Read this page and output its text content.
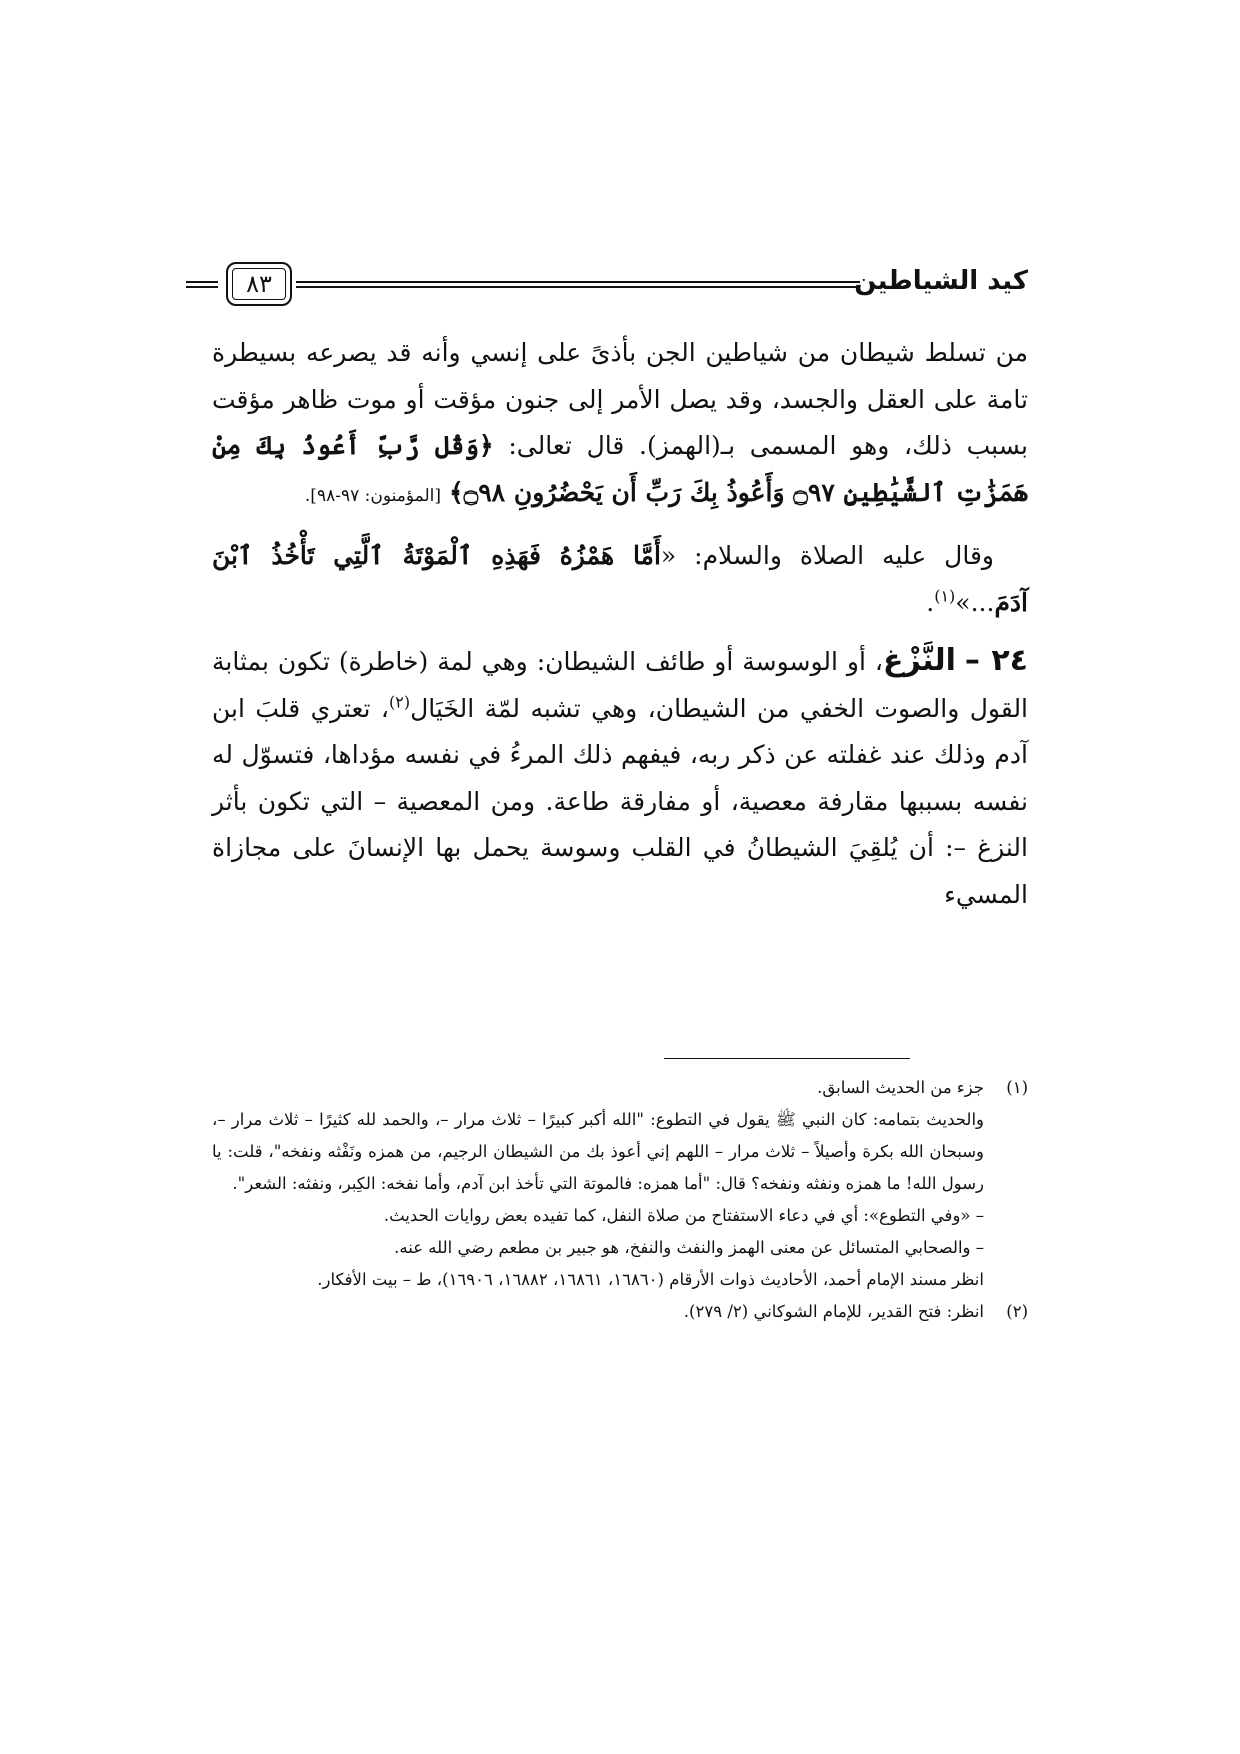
كيد الشياطين
٨٣

من تسلط شيطان من شياطين الجن بأذىً على إنسي وأنه قد يصرعه بسيطرة تامة على العقل والجسد، وقد يصل الأمر إلى جنون مؤقت أو موت ظاهر مؤقت بسبب ذلك، وهو المسمى بـ(الهمز). قال تعالى: ﴿وَقُل رَّبِّ أَعُوذُ بِكَ مِنْ هَمَزَٰتِ ٱلشَّيَٰطِينِ ۝٩٧ وَأَعُوذُ بِكَ رَبِّ أَن يَحْضُرُونِ ۝٩٨﴾ [المؤمنون: ٩٧-٩٨].

وقال عليه الصلاة والسلام: «أَمَّا هَمْزُهُ فَهَذِهِ ٱلْمَوْتَةُ ٱلَّتِي تَأْخُذُ ٱبْنَ آدَمَ...»$^{(١)}$.

٢٤ – النَّزْغ، أو الوسوسة أو طائف الشيطان: وهي لمة (خاطرة) تكون بمثابة القول والصوت الخفي من الشيطان، وهي تشبه لمّة الخَيَال$^{(٢)}$، تعتري قلبَ ابن آدم وذلك عند غفلته عن ذكر ربه، فيفهم ذلك المرءُ في نفسه مؤداها، فتسوّل له نفسه بسببها مقارفة معصية، أو مفارقة طاعة. ومن المعصية – التي تكون بأثر النزغ –: أن يُلقِيَ الشيطانُ في القلب وسوسة يحمل بها الإنسانَ على مجازاة المسيء

(١)جزء من الحديث السابق.

والحديث بتمامه: كان النبي ﷺ يقول في التطوع: "الله أكبر كبيرًا – ثلاث مرار –، والحمد لله كثيرًا – ثلاث مرار –، وسبحان الله بكرة وأصيلاً – ثلاث مرار – اللهم إني أعوذ بك من الشيطان الرجيم، من همزه ونَفْثه ونفخه"، قلت: يا رسول الله! ما همزه ونفثه ونفخه؟ قال: "أما همزه: فالموتة التي تأخذ ابن آدم، وأما نفخه: الكِبر، ونفثه: الشعر".

– «وفي التطوع»: أي في دعاء الاستفتاح من صلاة النفل، كما تفيده بعض روايات الحديث.

– والصحابي المتسائل عن معنى الهمز والنفث والنفخ، هو جبير بن مطعم رضي الله عنه.

انظر مسند الإمام أحمد، الأحاديث ذوات الأرقام (١٦٨٦٠، ١٦٨٦١، ١٦٨٨٢، ١٦٩٠٦)، ط – بيت الأفكار.

(٢)انظر: فتح القدير، للإمام الشوكاني (٢/ ٢٧٩).
